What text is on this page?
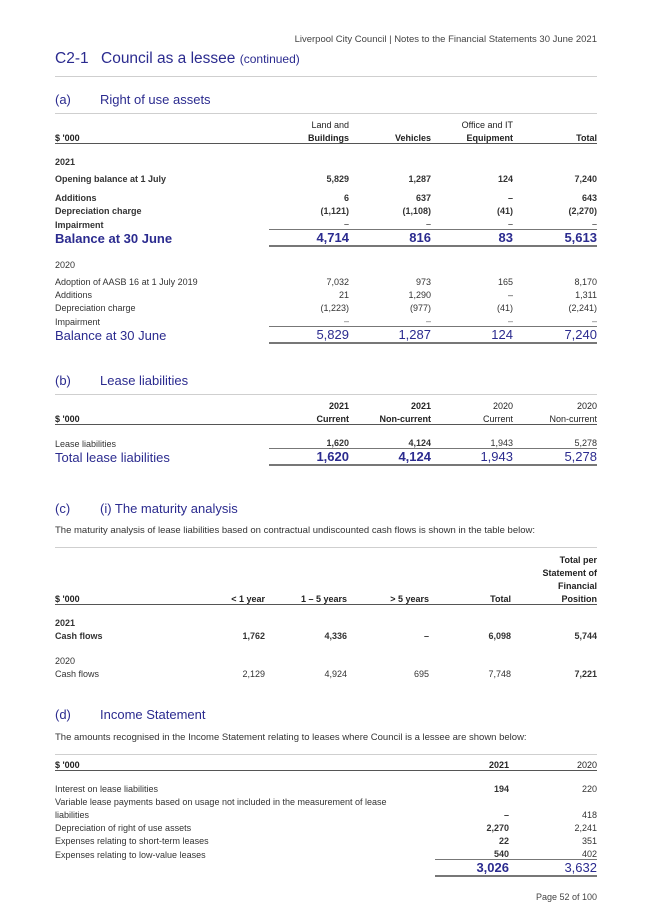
Liverpool City Council | Notes to the Financial Statements 30 June 2021
C2-1 Council as a lessee (continued)
(a) Right of use assets
	Land and		Office and IT	
$ '000	Buildings	Vehicles	Equipment	Total

2021				
Opening balance at 1 July	5,829	1,287	124	7,240

Additions	6	637	–	643
Depreciation charge	(1,121)	(1,108)	(41)	(2,270)
Impairment	–	–	–	–
Balance at 30 June	4,714	816	83	5,613

2020				
Adoption of AASB 16 at 1 July 2019	7,032	973	165	8,170
Additions	21	1,290	–	1,311
Depreciation charge	(1,223)	(977)	(41)	(2,241)
Impairment	–	–	–	–
Balance at 30 June	5,829	1,287	124	7,240
(b) Lease liabilities
	2021	2021	2020	2020
$ '000	Current	Non-current	Current	Non-current

Lease liabilities	1,620	4,124	1,943	5,278
Total lease liabilities	1,620	4,124	1,943	5,278
(c) (i) The maturity analysis
The maturity analysis of lease liabilities based on contractual undiscounted cash flows is shown in the table below:
					Total per
					Statement of
					Financial
$ '000	< 1 year	1 – 5 years	> 5 years	Total	Position

2021					
Cash flows	1,762	4,336	–	6,098	5,744

2020					
Cash flows	2,129	4,924	695	7,748	7,221
(d) Income Statement
The amounts recognised in the Income Statement relating to leases where Council is a lessee are shown below:
$ '000	2021	2020

Interest on lease liabilities	194	220
Variable lease payments based on usage not included in the measurement of lease		
liabilities	–	418
Depreciation of right of use assets	2,270	2,241
Expenses relating to short-term leases	22	351
Expenses relating to low-value leases	540	402
	3,026	3,632
Page 52 of 100
